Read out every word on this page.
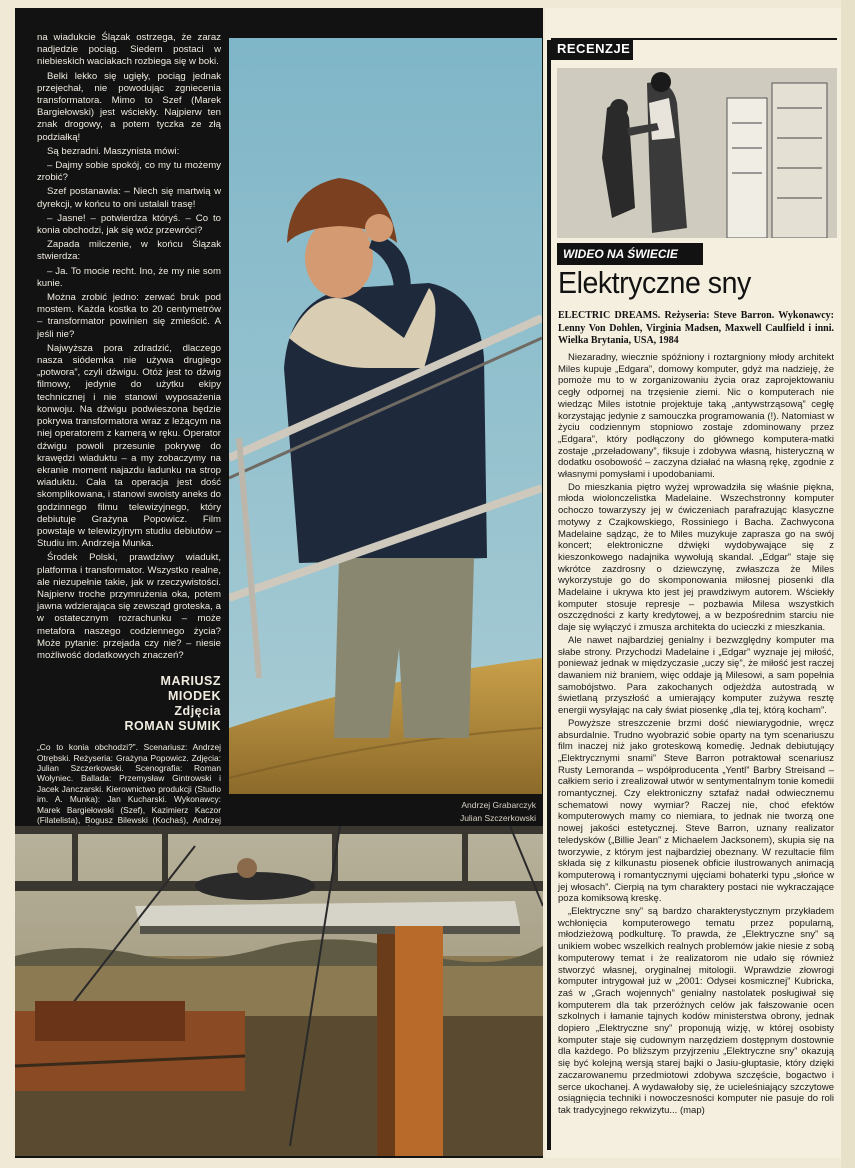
na wiadukcie Ślązak ostrzega, że zaraz nadjedzie pociąg. Siedem postaci w niebieskich waciakach rozbiega się w boki.

Belki lekko się ugięły, pociąg jednak przejechał, nie powodując zgniecenia transformatora. Mimo to Szef (Marek Bargiełowski) jest wściekły. Najpierw ten znak drogowy, a potem tyczka ze złą podziałką!

Są bezradni. Maszynista mówi:

– Dajmy sobie spokój, co my tu możemy zrobić?

Szef postanawia: – Niech się martwią w dyrekcji, w końcu to oni ustalali trasę!

– Jasne! – potwierdza któryś. – Co to konia obchodzi, jak się wóz przewróci?

Zapada milczenie, w końcu Ślązak stwierdza:

– Ja. To mocie recht. Ino, że my nie som kunie.

Można zrobić jedno: zerwać bruk pod mostem. Każda kostka to 20 centymetrów – transformator powinien się zmieścić. A jeśli nie?

Najwyższa pora zdradzić, dlaczego nasza siódemka nie używa drugiego „potwora”, czyli dźwigu. Otóż jest to dźwig filmowy, jedynie do użytku ekipy technicznej i nie stanowi wyposażenia konwoju. Na dźwigu podwieszona będzie pokrywa transformatora wraz z leżącym na niej operatorem z kamerą w ręku. Operator dźwigu powoli przesunie pokrywę do krawędzi wiaduktu – a my zobaczymy na ekranie moment najazdu ładunku na strop wiaduktu. Cała ta operacja jest dość skomplikowana, i stanowi swoisty aneks do godzinnego filmu telewizyjnego, który debiutuje Grażyna Popowicz. Film powstaje w telewizyjnym studiu debiutów – Studiu im. Andrzeja Munka.

Środek Polski, prawdziwy wiadukt, platforma i transformator. Wszystko realne, ale niezupełnie takie, jak w rzeczywistości. Najpierw troche przymrużenia oka, potem jawna wdzierająca się zewsząd groteska, a w ostatecznym rozrachunku – może metafora naszego codziennego życia? Może pytanie: przejada czy nie? – niesie możliwość dodatkowych znaczeń?

MARIUSZ
MIODEK
Zdjęcia
ROMAN SUMIK
„Co to konia obchodzi?”. Scenariusz: Andrzej Otrębski. Reżyseria: Grażyna Popowicz. Zdjęcia: Julian Szczerkowski. Scenografia: Roman Wołyniec. Ballada: Przemysław Gintrowski i Jacek Janczarski. Kierownictwo produkcji (Studio im. A. Munka): Jan Kucharski. Wykonawcy: Marek Bargiełowski (Szef), Kazimierz Kaczor (Filatelista), Bogusz Bilewski (Kochaś), Andrzej
Andrzej Grabarczyk
Julian Szczerkowski
RECENZJE
WIDEO NA ŚWIECIE
Elektryczne sny
ELECTRIC DREAMS. Reżyseria: Steve Barron. Wykonawcy: Lenny Von Dohlen, Virginia Madsen, Maxwell Caulfield i inni. Wielka Brytania, USA, 1984

Niezaradny, wiecznie spóźniony i roztargniony młody architekt Miles kupuje „Edgara”, domowy komputer, gdyż ma nadzieję, że pomoże mu to w zorganizowaniu życia oraz zaprojektowaniu cegły odpornej na trzęsienie ziemi. Nic o komputerach nie wiedząc Miles istotnie projektuje taką „antywstrząsową” cegłę korzystając jedynie z samouczka programowania (!). Natomiast w życiu codziennym stopniowo zostaje zdominowany przez „Edgara”, który podłączony do głównego komputera-matki zostaje „przeładowany”, fiksuje i zdobywa własną, histeryczną w dodatku osobowość – zaczyna działać na własną rękę, zgodnie z własnymi pomysłami i upodobaniami.

Do mieszkania piętro wyżej wprowadziła się właśnie piękna, młoda wiolonczelistka Madelaine. Wszechstronny komputer ochoczo towarzyszy jej w ćwiczeniach parafrazując klasyczne motywy z Czajkowskiego, Rossiniego i Bacha. Zachwycona Madelaine sądząc, że to Miles muzykuje zaprasza go na swój koncert; elektroniczne dźwięki wydobywające się z kieszonkowego nadajnika wywołują skandal. „Edgar” staje się wkrótce zazdrosny o dziewczynę, zwłaszcza że Miles wykorzystuje go do skomponowania miłosnej piosenki dla Madelaine i ukrywa kto jest jej prawdziwym autorem. Wściekły komputer stosuje represje – pozbawia Milesa wszystkich oszczędności z karty kredytowej, a w bezpośrednim starciu nie daje się wyłączyć i zmusza architekta do ucieczki z mieszkania.

Ale nawet najbardziej genialny i bezwzględny komputer ma słabe strony. Przychodzi Madelaine i „Edgar” wyznaje jej miłość, ponieważ jednak w międzyczasie „uczy się”, że miłość jest raczej dawaniem niż braniem, więc oddaje ją Milesowi, a sam popełnia samobójstwo. Para zakochanych odjeżdża autostradą w świetlaną przyszłość a umierający komputer zużywa resztę energii wysyłając na cały świat piosenkę „dla tej, którą kocham”.

Powyższe streszczenie brzmi dość niewiarygodnie, wręcz absurdalnie. Trudno wyobrazić sobie oparty na tym scenariuszu film inaczej niż jako groteskową komedię. Jednak debiutujący „Elektrycznymi snami” Steve Barron potraktował scenariusz Rusty Lemoranda – współproducenta „Yentl” Barbry Streisand – całkiem serio i zrealizował utwór w sentymentalnym tonie komedii romantycznej. Czy elektroniczny sztafaż nadał odwiecznemu schematowi nowy wymiar? Raczej nie, choć efektów komputerowych mamy co niemiara, to jednak nie tworzą one nowej jakości estetycznej. Steve Barron, uznany realizator teledysków („Billie Jean” z Michaelem Jacksonem), skupia się na tworzywie, z którym jest najbardziej obeznany. W rezultacie film składa się z kilkunastu piosenek obficie ilustrowanych animacją komputerową i romantycznymi ujęciami bohaterki typu „słońce w jej włosach”. Cierpią na tym charaktery postaci nie wykraczające poza komiksową kreskę.

„Elektryczne sny” są bardzo charakterystycznym przykładem wchłonięcia komputerowego tematu przez popularną, młodzieżową podkulturę. To prawda, że „Elektryczne sny” są unikiem wobec wszelkich realnych problemów jakie niesie z sobą komputerowy temat i że realizatorom nie udało się również stworzyć własnej, oryginalnej mitologii. Wprawdzie złowrogi komputer intrygował już w „2001: Odysei kosmicznej” Kubricka, zaś w „Grach wojennych” genialny nastolatek posługiwał się komputerem dla tak przeróżnych celów jak fałszowanie ocen szkolnych i łamanie tajnych kodów ministerstwa obrony, jednak dopiero „Elektryczne sny” proponują wizję, w której osobisty komputer staje się cudownym narzędziem dostępnym dostownie dla każdego. Po bliższym przyjrzeniu „Elektryczne sny” okazują się być kolejną wersją starej bajki o Jasiu-głuptasie, który dzięki zaczarowanemu przedmiotowi zdobywa szczęście, bogactwo i serce ukochanej. A wydawałoby się, że ucieleśniający szczytowe osiągnięcia techniki i nowoczesności komputer nie pasuje do roli tak tradycyjnego rekwizytu... (map)
